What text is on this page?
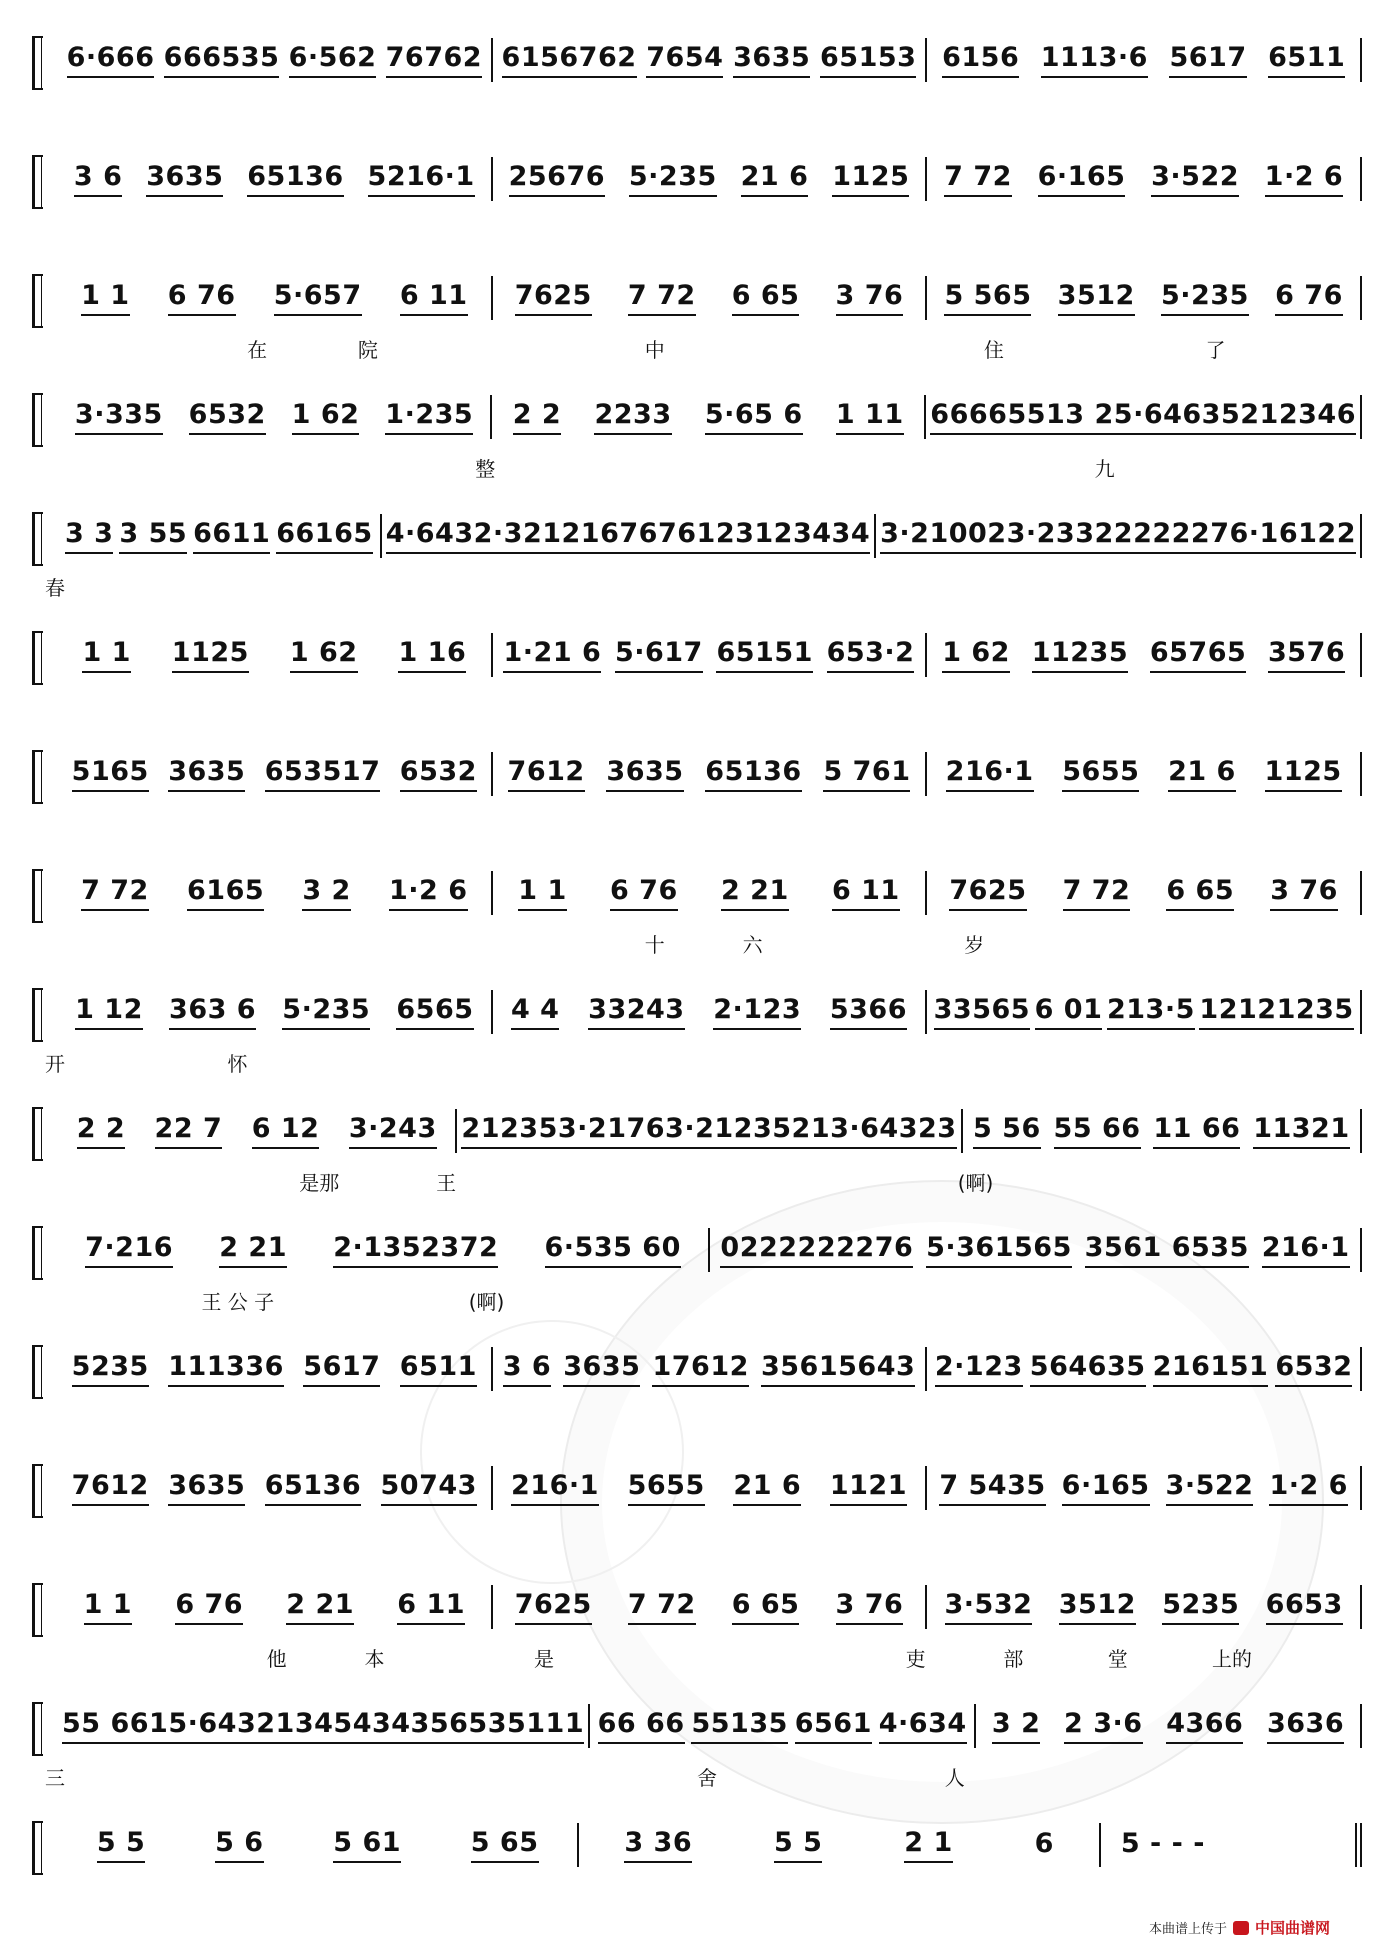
6·666 666535 6·562 76762 6156762 7654 3635 65153 6156 1113·6 5617 6511
3 6 3635 65136 5216·1 25676 5·235 21 6 1125 7 72 6·165 3·522 1·2 6
1 1 6 76 5·657 6 11 7625 7 72 6 65 3 76 5 565 3512 5·235 6 76
在	院	中	住	了
3·335 6532 1 62 1·235 2 2 2233 5·65 6 1 11 6666 5513 2 5·64635 212346
整	九
3 3 3 55 6611 66165 4·643 2·321 21676761 23123434 3·21002 3·233 2222227 6·16122
春
1 1 1125 1 62 1 16 1·21 6 5·617 65151 653·2 1 62 11235 65765 3576
5165 3635 653517 6532 7612 3635 65136 5 761 216·1 5655 21 6 1125
7 72 6165 3 2 1·2 6 1 1 6 76 2 21 6 11 7625 7 72 6 65 3 76
十	六	岁
1 12 363 6 5·235 6565 4 4 33243 2·123 5366 33565 6 01 213·5 12121235
开	怀
2 2 22 7 6 12 3·243 21235 3·217 63·21235 213·64323 5 56 55 66 11 66 11321
是那	王	(啊)
7·216 2 21 2·1352372 6·535 60 0222222276 5·361565 3561 6535 216·1
王 公 子	(啊)
5235 111336 5617 6511 3 6 3635 17612 35615643 2·123 564635 216151 6532
7612 3635 65136 50743 216·1 5655 21 6 1121 7 5435 6·165 3·522 1·2 6
1 1 6 76 2 21 6 11 7625 7 72 6 65 3 76 3·532 3512 5235 6653
他	本	是	吏	部	堂	上的
55 661 5·64321 34543435 6535111 66 66 55135 6561 4·634 3 2 2 3·6 4366 3636
三	舍	人
5 5	5 6	5 61	5 65	3 36	5 5	2 1	6 5 - - -
本曲谱上传于 中国曲谱网
